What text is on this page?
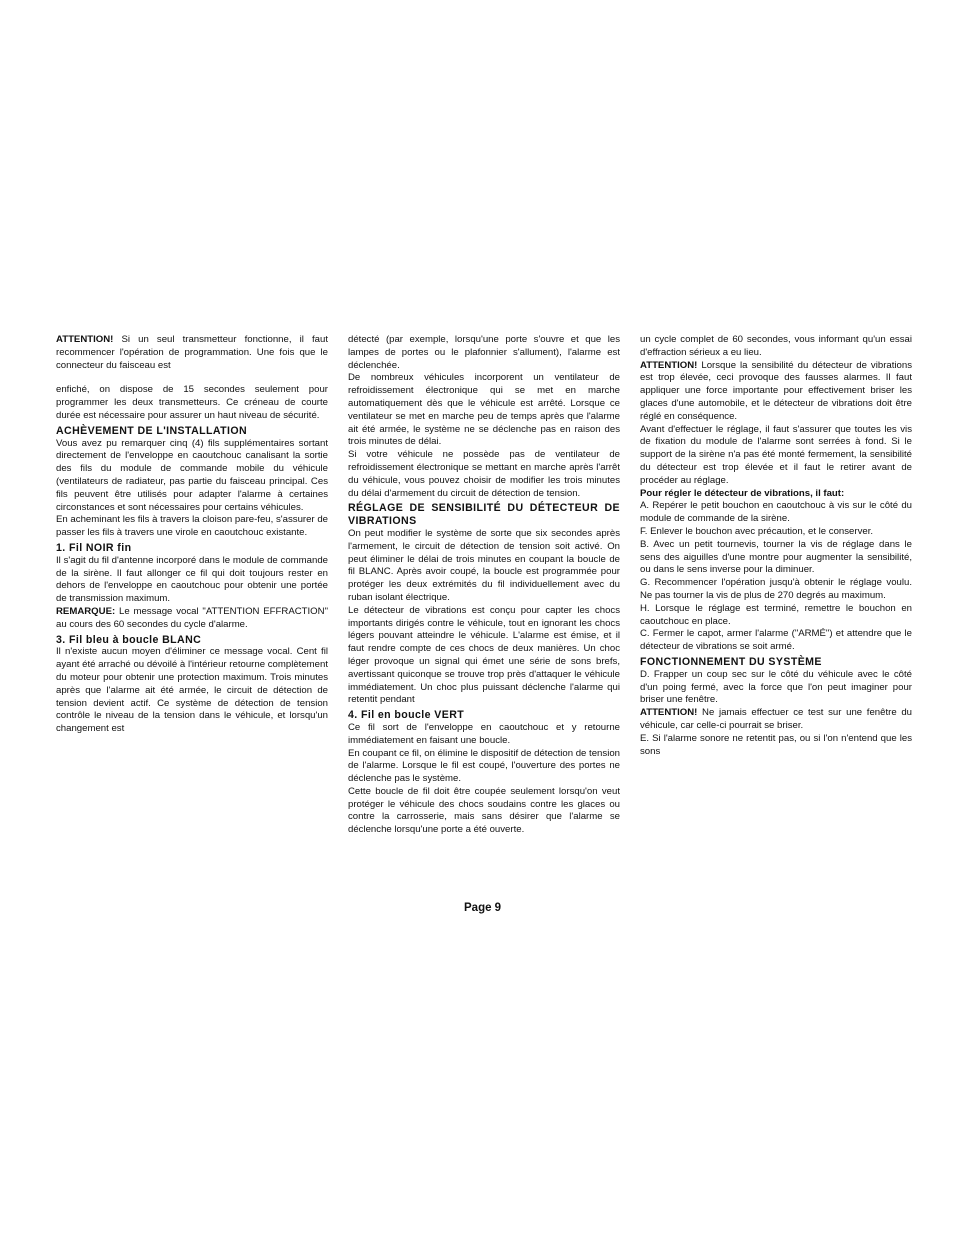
ATTENTION! Si un seul transmetteur fonctionne, il faut recommencer l'opération de programmation. Une fois que le connecteur du faisceau est

enfiché, on dispose de 15 secondes seulement pour programmer les deux transmetteurs. Ce créneau de courte durée est nécessaire pour assurer un haut niveau de sécurité.

ACHÈVEMENT DE L'INSTALLATION

Vous avez pu remarquer cinq (4) fils supplémentaires sortant directement de l'enveloppe en caoutchouc canalisant la sortie des fils du module de commande mobile du véhicule (ventilateurs de radiateur, pas partie du faisceau principal. Ces fils peuvent être utilisés pour adapter l'alarme à certaines circonstances et sont nécessaires pour certains véhicules.

En acheminant les fils à travers la cloison pare-feu, s'assurer de passer les fils à travers une virole en caoutchouc existante.

1. Fil NOIR fin

Il s'agit du fil d'antenne incorporé dans le module de commande de la sirène. Il faut allonger ce fil qui doit toujours rester en dehors de l'enveloppe en caoutchouc pour obtenir une portée de transmission maximum.

REMARQUE: Le message vocal "ATTENTION EFFRACTION" au cours des 60 secondes du cycle d'alarme.

3. Fil bleu à boucle BLANC

Il n'existe aucun moyen d'éliminer ce message vocal. Cent fil ayant été arraché ou dévoilé à l'intérieur retourne complètement du moteur pour obtenir une protection maximum. Trois minutes après que l'alarme ait été armée, le circuit de détection de tension devient actif. Ce système de détection de tension contrôle le niveau de la tension dans le véhicule, et lorsqu'un changement est

détecté (par exemple, lorsqu'une porte s'ouvre et que les lampes de portes ou le plafonnier s'allument), l'alarme est déclenchée.

De nombreux véhicules incorporent un ventilateur de refroidissement électronique qui se met en marche automatiquement dès que le véhicule est arrêté. Lorsque ce ventilateur se met en marche peu de temps après que l'alarme ait été armée, le système ne se déclenche pas en raison des trois minutes de délai.

Si votre véhicule ne possède pas de ventilateur de refroidissement électronique se mettant en marche après l'arrêt du véhicule, vous pouvez choisir de modifier les trois minutes du délai d'armement du circuit de détection de tension.

RÉGLAGE DE SENSIBILITÉ DU DÉTECTEUR DE VIBRATIONS

On peut modifier le système de sorte que six secondes après l'armement, le circuit de détection de tension soit activé. On peut éliminer le délai de trois minutes en coupant la boucle de fil BLANC. Après avoir coupé, la boucle est programmée pour protéger les deux extrémités du fil individuellement avec du ruban isolant électrique.

Le détecteur de vibrations est conçu pour capter les chocs importants dirigés contre le véhicule, tout en ignorant les chocs légers pouvant atteindre le véhicule. L'alarme est émise, et il faut rendre compte de ces chocs de deux manières. Un choc léger provoque un signal qui émet une série de sons brefs, avertissant quiconque se trouve trop près d'attaquer le véhicule immédiatement. Un choc plus puissant déclenche l'alarme qui retentit pendant

4. Fil en boucle VERT

Ce fil sort de l'enveloppe en caoutchouc et y retourne immédiatement en faisant une boucle.

En coupant ce fil, on élimine le dispositif de détection de tension de l'alarme. Lorsque le fil est coupé, l'ouverture des portes ne déclenche pas le système.

Cette boucle de fil doit être coupée seulement lorsqu'on veut protéger le véhicule des chocs soudains contre les glaces ou contre la carrosserie, mais sans désirer que l'alarme se déclenche lorsqu'une porte a été ouverte.

un cycle complet de 60 secondes, vous informant qu'un essai d'effraction sérieux a eu lieu.

ATTENTION! Lorsque la sensibilité du détecteur de vibrations est trop élevée, ceci provoque des fausses alarmes. Il faut appliquer une force importante pour effectivement briser les glaces d'une automobile, et le détecteur de vibrations doit être réglé en conséquence.

Avant d'effectuer le réglage, il faut s'assurer que toutes les vis de fixation du module de l'alarme sont serrées à fond. Si le support de la sirène n'a pas été monté fermement, la sensibilité du détecteur est trop élevée et il faut le retirer avant de procéder au réglage.

Pour régler le détecteur de vibrations, il faut:

A. Repérer le petit bouchon en caoutchouc à vis sur le côté du module de commande de la sirène.

F. Enlever le bouchon avec précaution, et le conserver.

B. Avec un petit tournevis, tourner la vis de réglage dans le sens des aiguilles d'une montre pour augmenter la sensibilité, ou dans le sens inverse pour la diminuer.

G. Recommencer l'opération jusqu'à obtenir le réglage voulu. Ne pas tourner la vis de plus de 270 degrés au maximum.

H. Lorsque le réglage est terminé, remettre le bouchon en caoutchouc en place.

C. Fermer le capot, armer l'alarme ("ARMÉ") et attendre que le détecteur de vibrations se soit armé.

FONCTIONNEMENT DU SYSTÈME

D. Frapper un coup sec sur le côté du véhicule avec le côté d'un poing fermé, avec la force que l'on peut imaginer pour briser une fenêtre.

ATTENTION! Ne jamais effectuer ce test sur une fenêtre du véhicule, car celle-ci pourrait se briser.

E. Si l'alarme sonore ne retentit pas, ou si l'on n'entend que les sons

Page 9
